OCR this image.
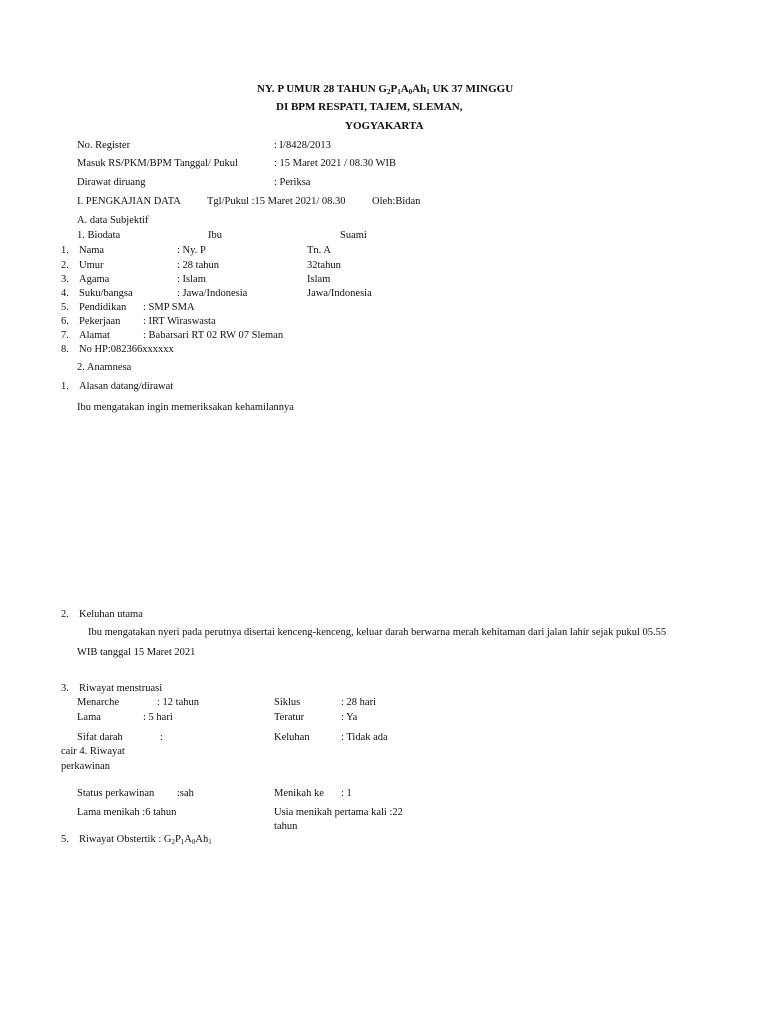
NY. P UMUR 28 TAHUN $G_2P_1A_0Ah_1$ UK 37 MINGGU
DI BPM RESPATI, TAJEM, SLEMAN,
YOGYAKARTA
No. Register	: I/8428/2013
Masuk RS/PKM/BPM Tanggal/ Pukul	: 15 Maret 2021 / 08.30 WIB
Dirawat diruang	: Periksa
I. PENGKAJIAN DATA Tgl/Pukul :15 Maret 2021/ 08.30	Oleh:Bidan
A. data Subjektif
1. Biodata	Ibu	Suami
1. Nama	: Ny. P	Tn. A
2. Umur	: 28 tahun	32tahun
3. Agama	: Islam	Islam
4. Suku/bangsa	: Jawa/Indonesia	Jawa/Indonesia
5. Pendidikan : SMP SMA
6. Pekerjaan : IRT Wiraswasta
7. Alamat	: Babarsari RT 02 RW 07 Sleman
8. No HP:082366xxxxxx
2. Anamnesa
1. Alasan datang/dirawat
Ibu mengatakan ingin memeriksakan kehamilannya
2. Keluhan utama
Ibu mengatakan nyeri pada perutnya disertai kenceng-kenceng, keluar darah berwarna merah kehitaman dari jalan lahir sejak pukul 05.55
WIB tanggal 15 Maret 2021
3. Riwayat menstruasi
Menarche	: 12 tahun	Siklus	: 28 hari
Lama	: 5 hari	Teratur	: Ya
Sifat darah	:	Keluhan	: Tidak ada
cair 4. Riwayat
perkawinan
Status perkawinan :sah	Menikah ke : 1
Lama menikah :6 tahun	Usia menikah pertama kali :22
tahun
5. Riwayat Obstertik : $G_2P_1A_0Ah_1$
